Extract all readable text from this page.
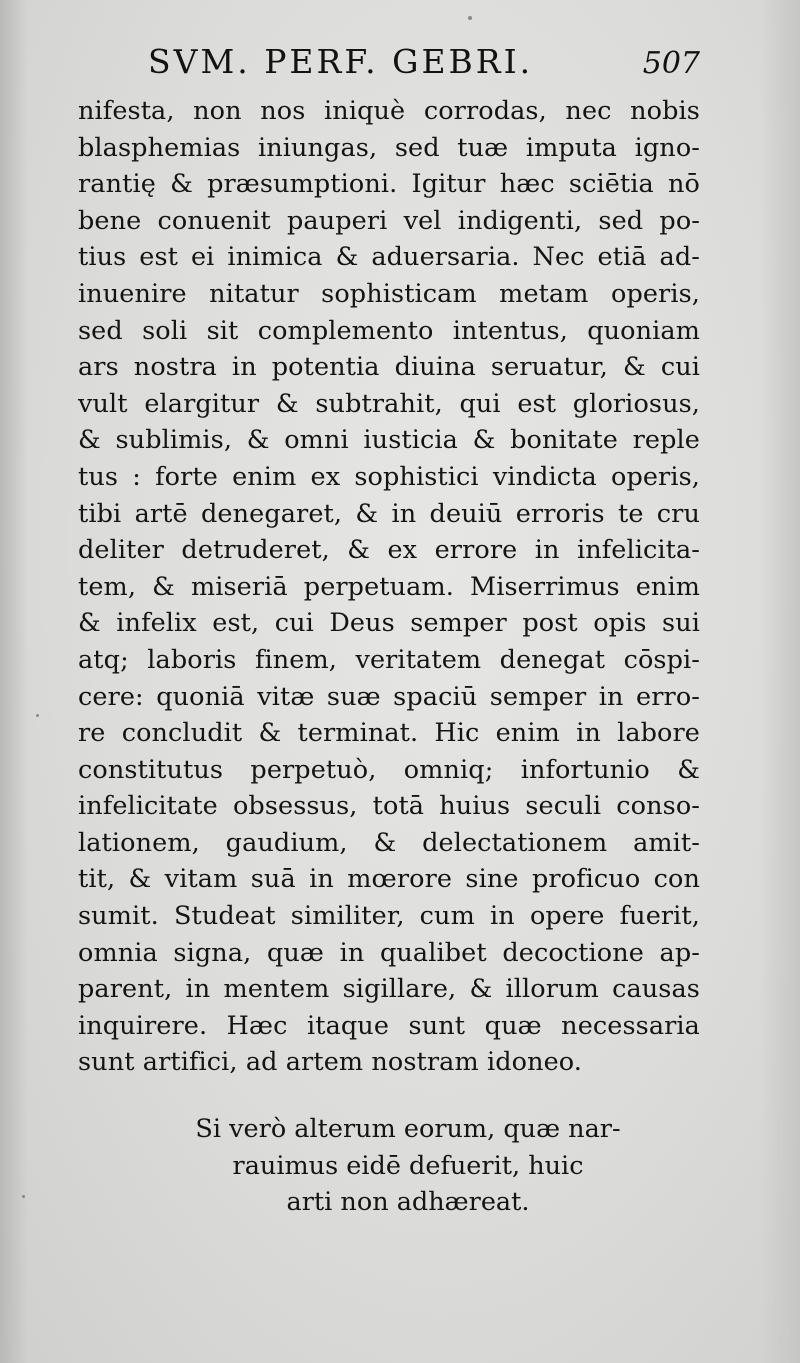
SVM. PERF. GEBRI.	507
nifesta, non nos iniquè corrodas, nec nobis
blasphemias iniungas, sed tuæ imputa igno-
rantię & præsumptioni. Igitur hæc sciētia nō
bene conuenit pauperi vel indigenti, sed po-
tius est ei inimica & aduersaria. Nec etiā ad-
inuenire nitatur sophisticam metam operis,
sed soli sit complemento intentus, quoniam
ars nostra in potentia diuina seruatur, & cui
vult elargitur & subtrahit, qui est gloriosus,
& sublimis, & omni iusticia & bonitate reple
tus : forte enim ex sophistici vindicta operis,
tibi artē denegaret, & in deuiū erroris te cru
deliter detruderet, & ex errore in infelicita-
tem, & miseriā perpetuam. Miserrimus enim
& infelix est, cui Deus semper post opis sui
atq; laboris finem, veritatem denegat cōspi-
cere: quoniā vitæ suæ spaciū semper in erro-
re concludit & terminat. Hic enim in labore
constitutus perpetuò, omniq; infortunio &
infelicitate obsessus, totā huius seculi conso-
lationem, gaudium, & delectationem amit-
tit, & vitam suā in mœrore sine proficuo con
sumit. Studeat similiter, cum in opere fuerit,
omnia signa, quæ in qualibet decoctione ap-
parent, in mentem sigillare, & illorum causas
inquirere. Hæc itaque sunt quæ necessaria
sunt artifici, ad artem nostram idoneo.
Si verò alterum eorum, quæ nar-
rauimus eidē defuerit, huic
arti non adhæreat.
